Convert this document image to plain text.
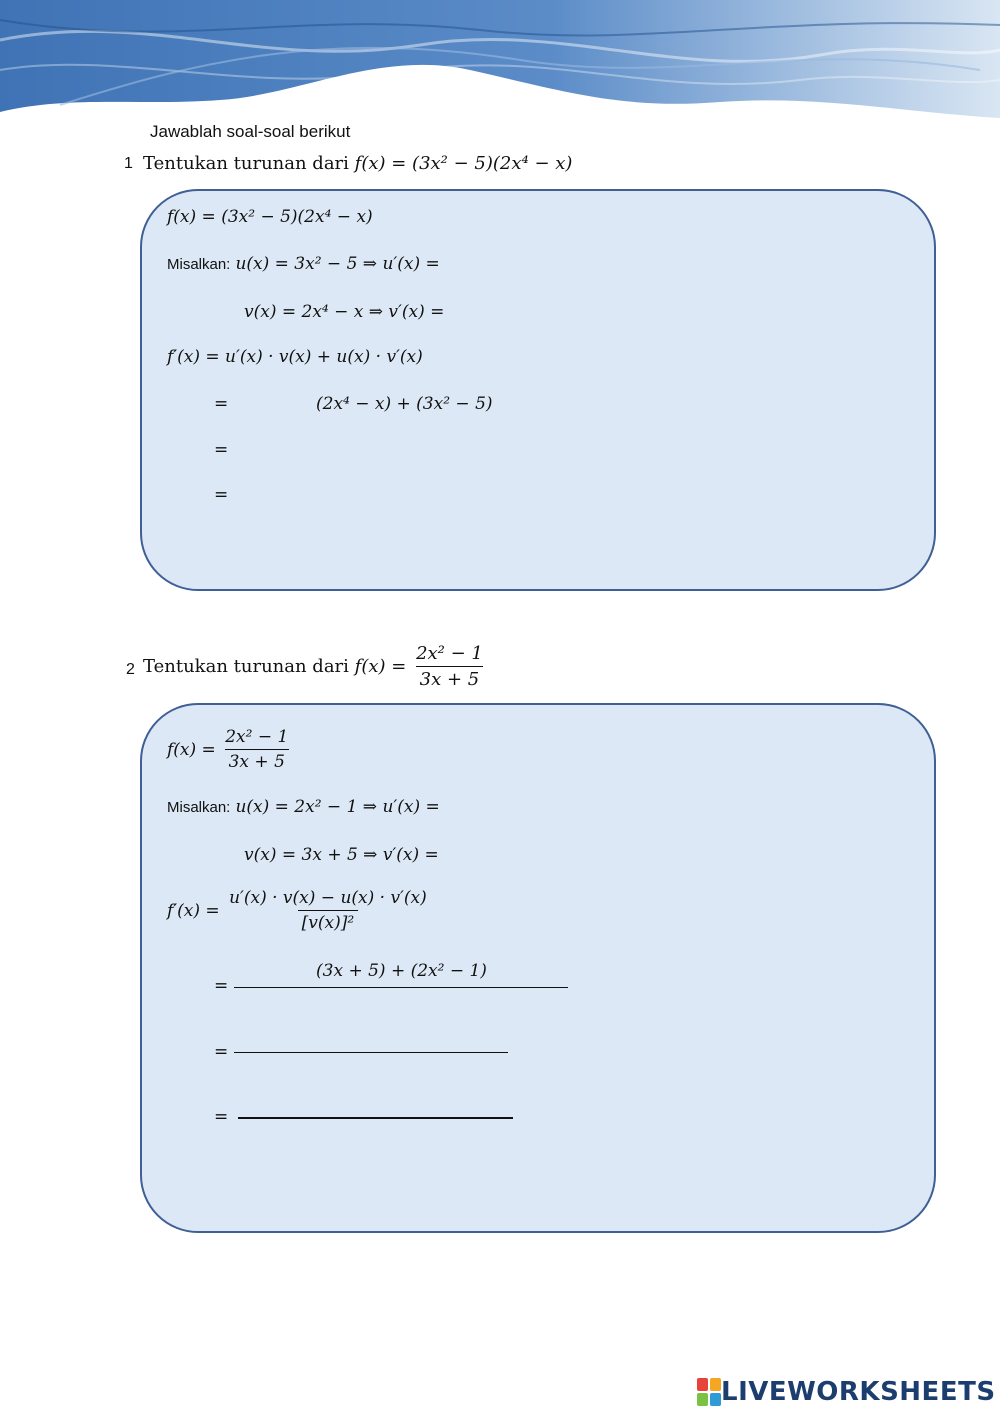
Jawablah soal-soal berikut
1 Tentukan turunan dari f(x) = (3x² − 5)(2x⁴ − x)
f(x) = (3x² − 5)(2x⁴ − x)
Misalkan: u(x) = 3x² − 5 ⇒ u′(x) =
v(x) = 2x⁴ − x ⇒ v′(x) =
f′(x) = u′(x) · v(x) + u(x) · v′(x)
=	(2x⁴ − x) + (3x² − 5)
=
=
2 Tentukan turunan dari
f(x) =
$\frac{\text{2x² − 1}}{3x + 5}$
f(x) =
$\frac{\text{2x² − 1}}{3x + 5}$
Misalkan: u(x) = 2x² − 1 ⇒ u′(x) =
v(x) = 3x + 5 ⇒ v′(x) =
f′(x) =
$\frac{u'(x) \cdot v(x) - u(x) \cdot v'(x)}{\text{[v(x)]²}}$
=
(3x + 5) + (2x² − 1)
=
=
LIVEWORKSHEETS
